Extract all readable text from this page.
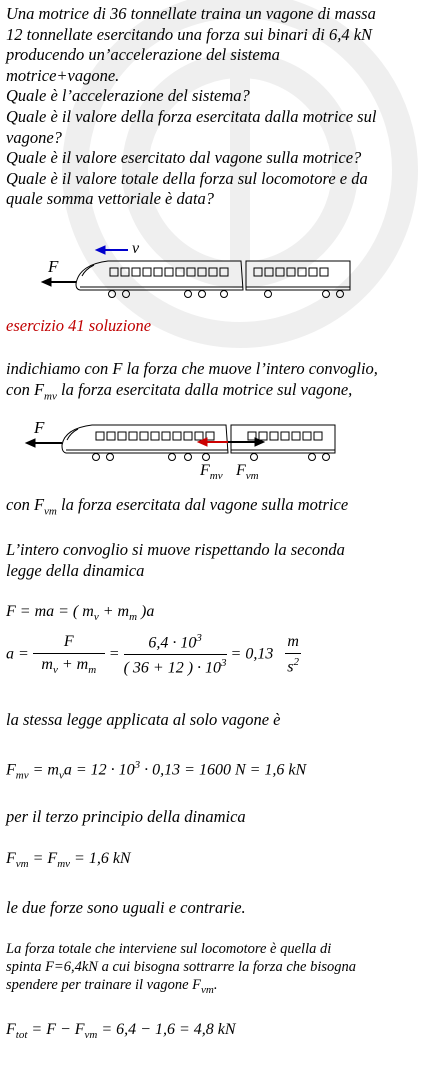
Una motrice di 36 tonnellate traina un vagone di massa
12 tonnellate esercitando una forza sui binari di 6,4 kN
producendo un’accelerazione del sistema
motrice+vagone.
Quale è l’accelerazione del sistema?
Quale è il valore della forza esercitata dalla motrice sul
vagone?
Quale è il valore esercitato dal vagone sulla motrice?
Quale è il valore totale della forza sul locomotore e da
quale somma vettoriale è data?
F
v
esercizio 41 soluzione
indichiamo con F la forza che muove l’intero convoglio,
con $F_{mv}$ la forza esercitata dalla motrice sul vagone,
F
$F_{mv}$ $F_{vm}$
con $F_{vm}$ la forza esercitata dal vagone sulla motrice
L’intero convoglio si muove rispettando la seconda
legge della dinamica
F = ma = ( $m_v + m_m$ )a
$a = \frac{F}{m_v + m_m} = \frac{6,4 \cdot 10^3}{( 36 + 12 ) \cdot 10^3} = 0,13 \frac{m}{s^2}$
la stessa legge applicata al solo vagone è
$F_{mv} = m_va = 12 \cdot 10^3 \cdot 0,13 = 1600$ N = 1,6 kN
per il terzo principio della dinamica
$F_{vm} = F_{mv} = 1,6$ kN
le due forze sono uguali e contrarie.
La forza totale che interviene sul locomotore è quella di
spinta F=6,4kN a cui bisogna sottrarre la forza che bisogna
spendere per trainare il vagone $F_{vm}$.
$F_{tot} = F - F_{vm} = 6,4 - 1,6 = 4,8$ kN
